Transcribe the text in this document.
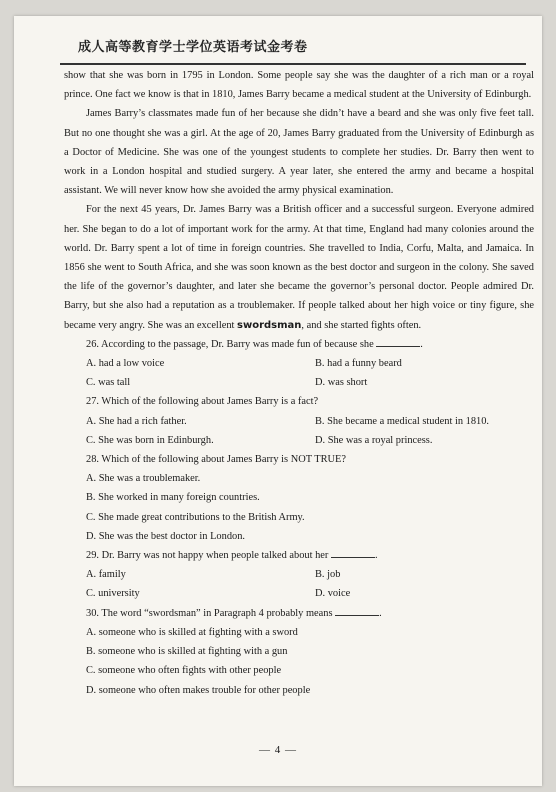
成人高等教育学士学位英语考试金考卷

show that she was born in 1795 in London. Some people say she was the daughter of a rich man or a royal prince. One fact we know is that in 1810, James Barry became a medical student at the University of Edinburgh.

James Barry’s classmates made fun of her because she didn’t have a beard and she was only five feet tall. But no one thought she was a girl. At the age of 20, James Barry graduated from the University of Edinburgh as a Doctor of Medicine. She was one of the youngest students to complete her studies. Dr. Barry then went to work in a London hospital and studied surgery. A year later, she entered the army and became a hospital assistant. We will never know how she avoided the army physical examination.

For the next 45 years, Dr. James Barry was a British officer and a successful surgeon. Everyone admired her. She began to do a lot of important work for the army. At that time, England had many colonies around the world. Dr. Barry spent a lot of time in foreign countries. She travelled to India, Corfu, Malta, and Jamaica. In 1856 she went to South Africa, and she was soon known as the best doctor and surgeon in the colony. She saved the life of the governor’s daughter, and later she became the governor’s personal doctor. People admired Dr. Barry, but she also had a reputation as a troublemaker. If people talked about her high voice or tiny figure, she became very angry. She was an excellent swordsman, and she started fights often.

26. According to the passage, Dr. Barry was made fun of because she	.

A. had a low voice	B. had a funny beard
C. was tall	D. was short

27. Which of the following about James Barry is a fact?

A. She had a rich father.	B. She became a medical student in 1810.
C. She was born in Edinburgh.	D. She was a royal princess.

28. Which of the following about James Barry is NOT TRUE?

A. She was a troublemaker.
B. She worked in many foreign countries.
C. She made great contributions to the British Army.
D. She was the best doctor in London.

29. Dr. Barry was not happy when people talked about her	.

A. family	B. job
C. university	D. voice

30. The word “swordsman” in Paragraph 4 probably means	.

A. someone who is skilled at fighting with a sword
B. someone who is skilled at fighting with a gun
C. someone who often fights with other people
D. someone who often makes trouble for other people
— 4 —
